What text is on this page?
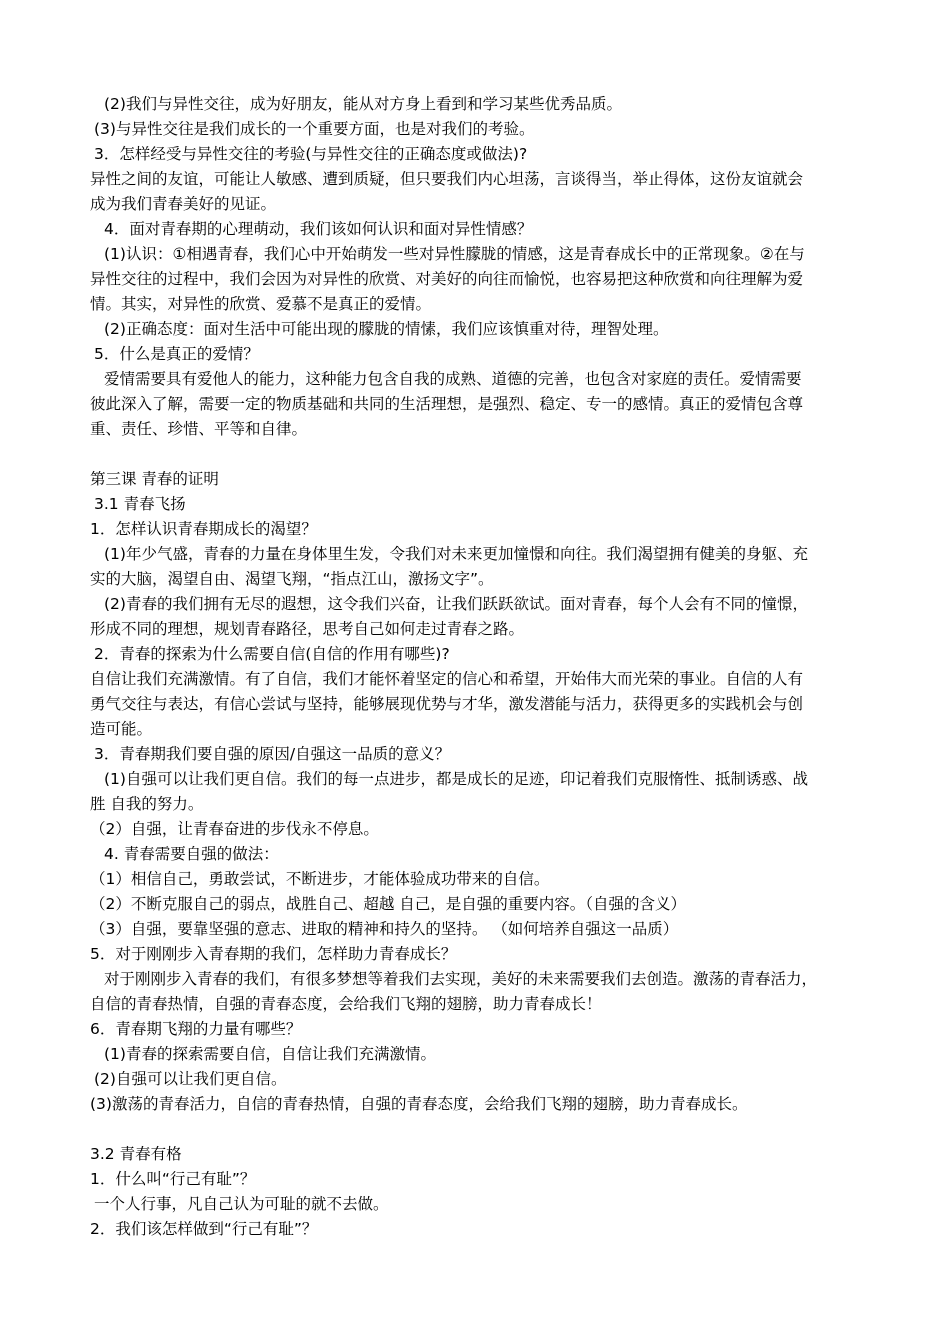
(2)我们与异性交往，成为好朋友，能从对方身上看到和学习某些优秀品质。
(3)与异性交往是我们成长的一个重要方面，也是对我们的考验。
3．怎样经受与异性交往的考验(与异性交往的正确态度或做法)?
异性之间的友谊，可能让人敏感、遭到质疑，但只要我们内心坦荡，言谈得当，举止得体，这份友谊就会
成为我们青春美好的见证。
4．面对青春期的心理萌动，我们该如何认识和面对异性情感？
(1)认识：①相遇青春，我们心中开始萌发一些对异性朦胧的情感，这是青春成长中的正常现象。②在与
异性交往的过程中，我们会因为对异性的欣赏、对美好的向往而愉悦，也容易把这种欣赏和向往理解为爱
情。其实，对异性的欣赏、爱慕不是真正的爱情。
(2)正确态度：面对生活中可能出现的朦胧的情愫，我们应该慎重对待，理智处理。
5．什么是真正的爱情？
爱情需要具有爱他人的能力，这种能力包含自我的成熟、道德的完善，也包含对家庭的责任。爱情需要
彼此深入了解，需要一定的物质基础和共同的生活理想，是强烈、稳定、专一的感情。真正的爱情包含尊
重、责任、珍惜、平等和自律。
第三课 青春的证明
3.1 青春飞扬
1．怎样认识青春期成长的渴望？
(1)年少气盛，青春的力量在身体里生发，令我们对未来更加憧憬和向往。我们渴望拥有健美的身躯、充
实的大脑，渴望自由、渴望飞翔，“指点江山，激扬文字”。
(2)青春的我们拥有无尽的遐想，这令我们兴奋，让我们跃跃欲试。面对青春，每个人会有不同的憧憬，
形成不同的理想，规划青春路径，思考自己如何走过青春之路。
2．青春的探索为什么需要自信(自信的作用有哪些)?
自信让我们充满激情。有了自信，我们才能怀着坚定的信心和希望，开始伟大而光荣的事业。自信的人有
勇气交往与表达，有信心尝试与坚持，能够展现优势与才华，激发潜能与活力，获得更多的实践机会与创
造可能。
3．青春期我们要自强的原因/自强这一品质的意义？
(1)自强可以让我们更自信。我们的每一点进步，都是成长的足迹，印记着我们克服惰性、抵制诱惑、战
胜 自我的努力。
（2）自强，让青春奋进的步伐永不停息。
4. 青春需要自强的做法：
（1）相信自己，勇敢尝试，不断进步，才能体验成功带来的自信。
（2）不断克服自己的弱点，战胜自己、超越 自己，是自强的重要内容。（自强的含义）
（3）自强，要靠坚强的意志、进取的精神和持久的坚持。 （如何培养自强这一品质）
5．对于刚刚步入青春期的我们，怎样助力青春成长？
对于刚刚步入青春的我们，有很多梦想等着我们去实现，美好的未来需要我们去创造。激荡的青春活力，
自信的青春热情，自强的青春态度，会给我们飞翔的翅膀，助力青春成长！
6．青春期飞翔的力量有哪些？
(1)青春的探索需要自信，自信让我们充满激情。
(2)自强可以让我们更自信。
(3)激荡的青春活力，自信的青春热情，自强的青春态度，会给我们飞翔的翅膀，助力青春成长。
3.2 青春有格
1．什么叫“行己有耻”？
一个人行事，凡自己认为可耻的就不去做。
2．我们该怎样做到“行己有耻”？
